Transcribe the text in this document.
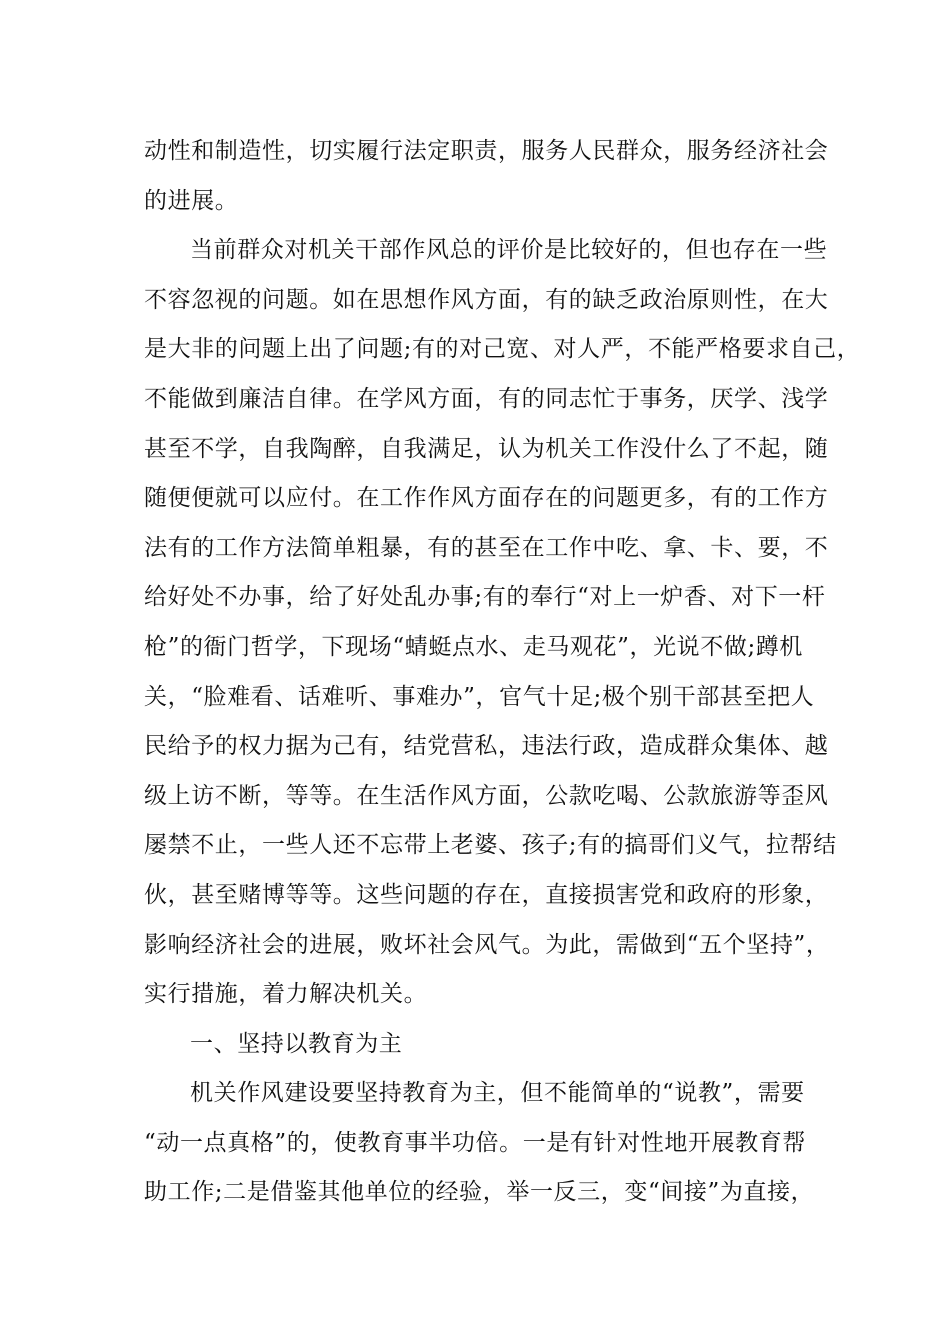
动性和制造性，切实履行法定职责，服务人民群众，服务经济社会
的进展。
当前群众对机关干部作风总的评价是比较好的，但也存在一些
不容忽视的问题。如在思想作风方面，有的缺乏政治原则性，在大
是大非的问题上出了问题;有的对己宽、对人严，不能严格要求自己，
不能做到廉洁自律。在学风方面，有的同志忙于事务，厌学、浅学
甚至不学，自我陶醉，自我满足，认为机关工作没什么了不起，随
随便便就可以应付。在工作作风方面存在的问题更多，有的工作方
法有的工作方法简单粗暴，有的甚至在工作中吃、拿、卡、要，不
给好处不办事，给了好处乱办事;有的奉行“对上一炉香、对下一杆
枪”的衙门哲学，下现场“蜻蜓点水、走马观花”，光说不做;蹲机
关，“脸难看、话难听、事难办”，官气十足;极个别干部甚至把人
民给予的权力据为己有，结党营私，违法行政，造成群众集体、越
级上访不断，等等。在生活作风方面，公款吃喝、公款旅游等歪风
屡禁不止，一些人还不忘带上老婆、孩子;有的搞哥们义气，拉帮结
伙，甚至赌博等等。这些问题的存在，直接损害党和政府的形象，
影响经济社会的进展，败坏社会风气。为此，需做到“五个坚持”，
实行措施，着力解决机关。
一、坚持以教育为主
机关作风建设要坚持教育为主，但不能简单的“说教”，需要
“动一点真格”的，使教育事半功倍。一是有针对性地开展教育帮
助工作;二是借鉴其他单位的经验，举一反三，变“间接”为直接，
